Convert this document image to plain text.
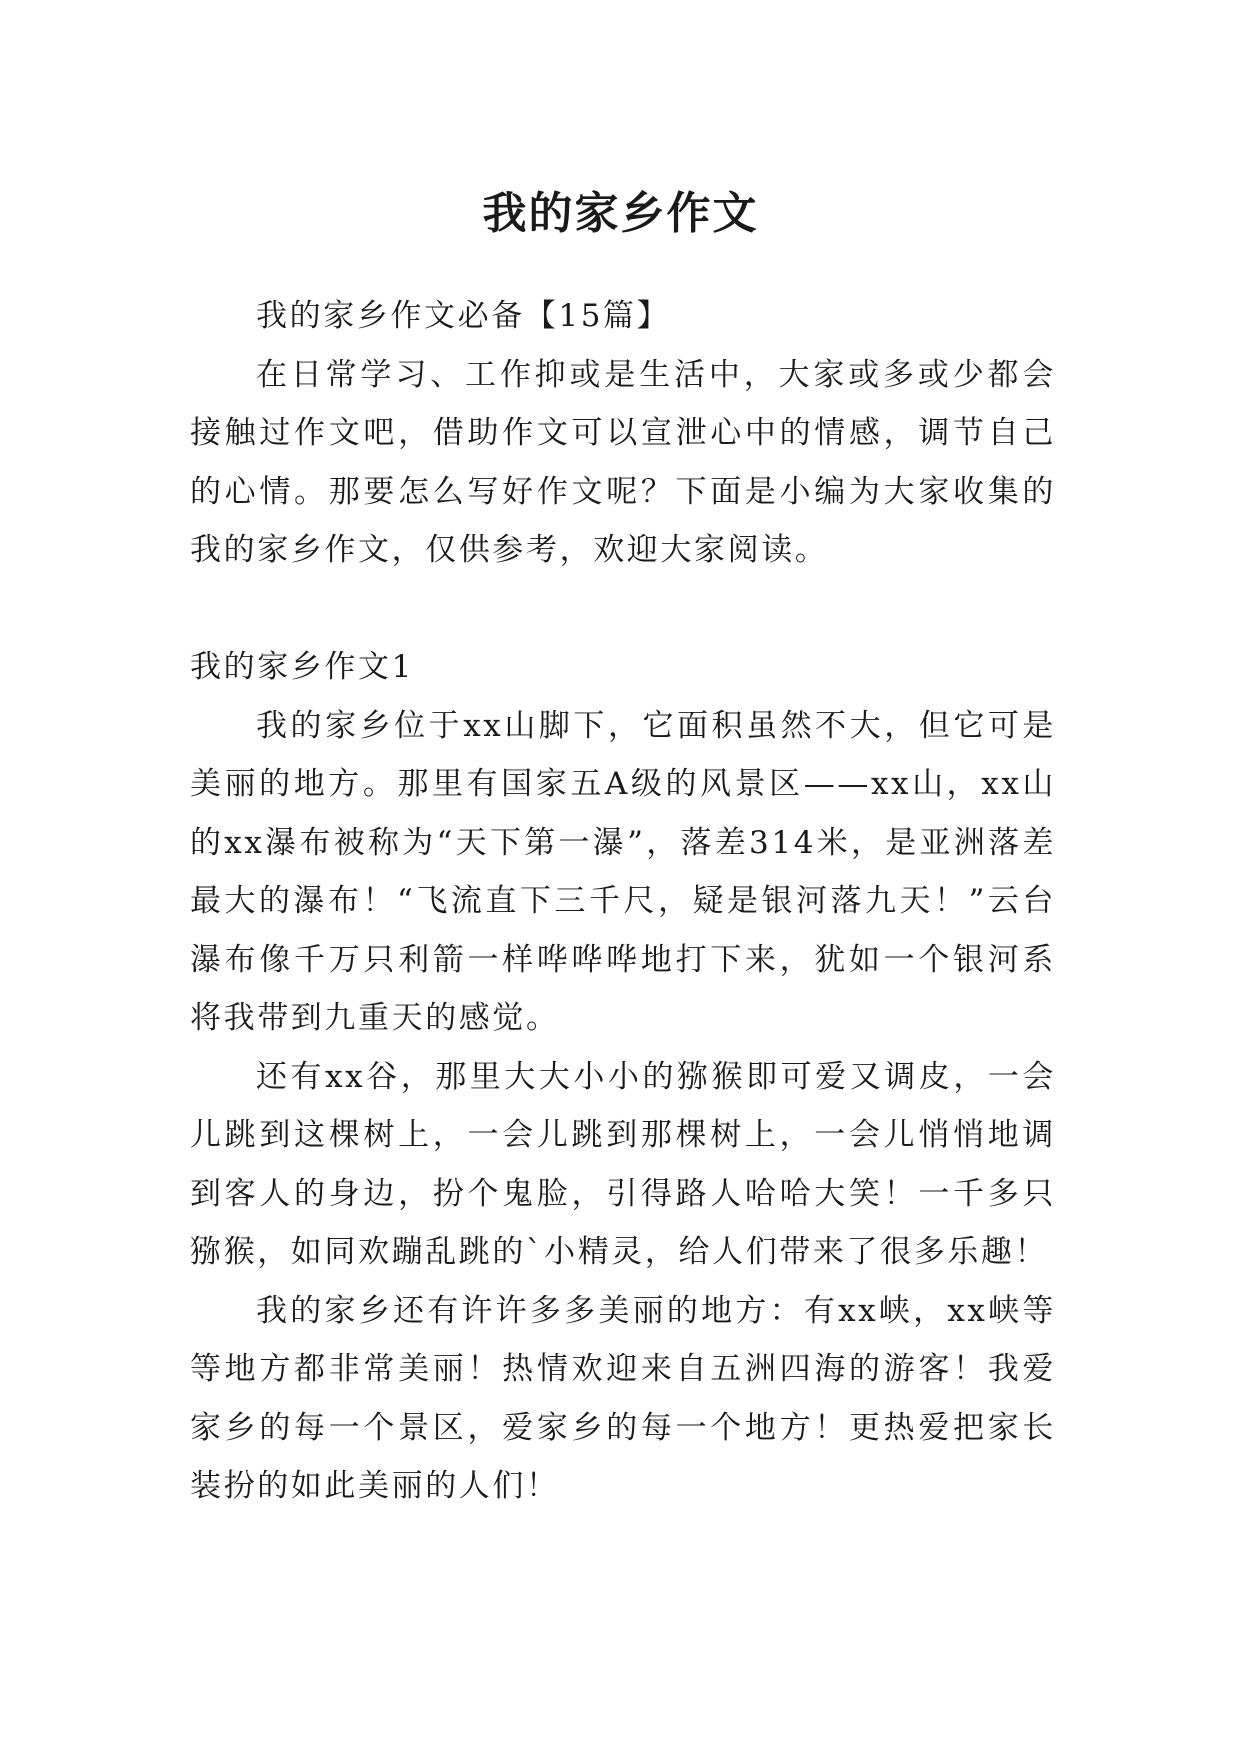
我的家乡作文

我的家乡作文必备【15篇】

在日常学习、工作抑或是生活中，大家或多或少都会接触过作文吧，借助作文可以宣泄心中的情感，调节自己的心情。那要怎么写好作文呢？下面是小编为大家收集的我的家乡作文，仅供参考，欢迎大家阅读。

我的家乡作文1

我的家乡位于xx山脚下，它面积虽然不大，但它可是美丽的地方。那里有国家五A级的风景区——xx山，xx山的xx瀑布被称为“天下第一瀑”，落差314米，是亚洲落差最大的瀑布！“飞流直下三千尺，疑是银河落九天！”云台瀑布像千万只利箭一样哗哗哗地打下来，犹如一个银河系将我带到九重天的感觉。

还有xx谷，那里大大小小的猕猴即可爱又调皮，一会儿跳到这棵树上，一会儿跳到那棵树上，一会儿悄悄地调到客人的身边，扮个鬼脸，引得路人哈哈大笑！一千多只猕猴，如同欢蹦乱跳的`小精灵，给人们带来了很多乐趣！

我的家乡还有许许多多美丽的地方：有xx峡，xx峡等等地方都非常美丽！热情欢迎来自五洲四海的游客！我爱家乡的每一个景区，爱家乡的每一个地方！更热爱把家长装扮的如此美丽的人们！
